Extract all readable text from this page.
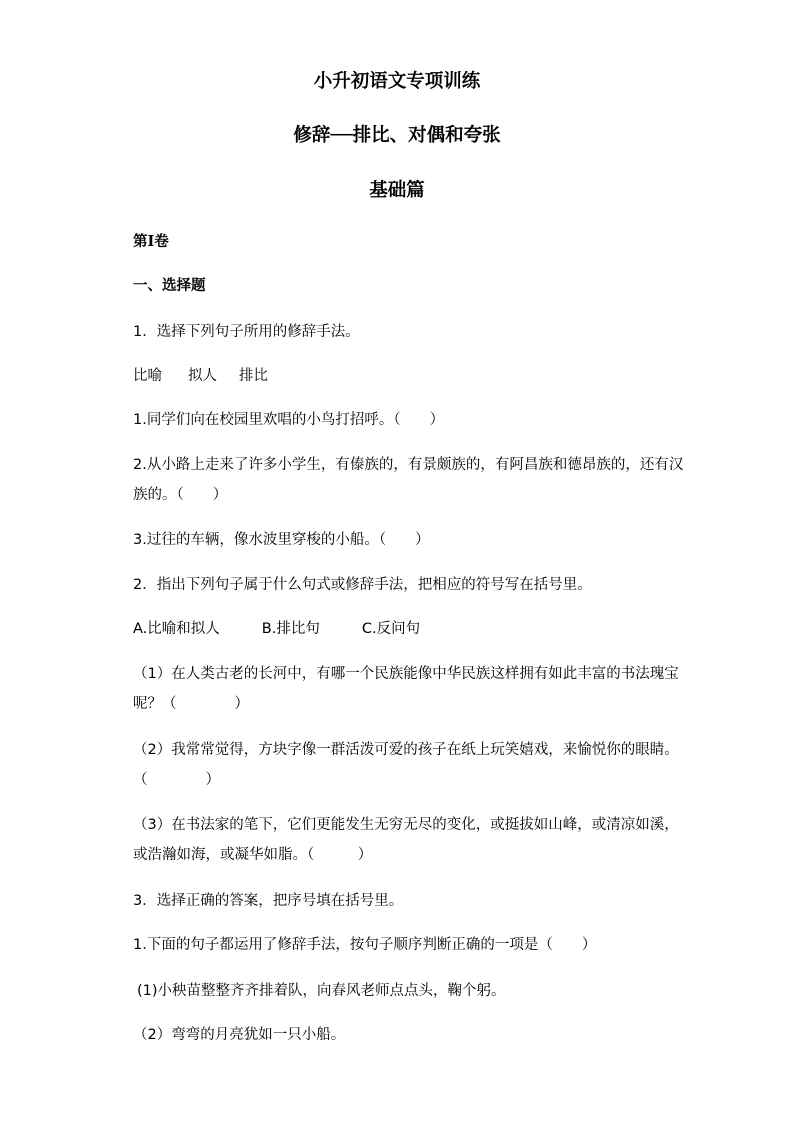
小升初语文专项训练
修辞──排比、对偶和夸张
基础篇
第Ⅰ卷
一、选择题
1．选择下列句子所用的修辞手法。
比喻 拟人 排比
1.同学们向在校园里欢唱的小鸟打招呼。（　　）
2.从小路上走来了许多小学生，有傣族的，有景颇族的，有阿昌族和德昂族的，还有汉
族的。（　　）
3.过往的车辆，像水波里穿梭的小船。（　　）
2．指出下列句子属于什么句式或修辞手法，把相应的符号写在括号里。
A.比喻和拟人	B.排比句	C.反问句
（1）在人类古老的长河中，有哪一个民族能像中华民族这样拥有如此丰富的书法瑰宝
呢？（　　　　）
（2）我常常觉得，方块字像一群活泼可爱的孩子在纸上玩笑嬉戏，来愉悦你的眼睛。
（　　　　）
（3）在书法家的笔下，它们更能发生无穷无尽的变化，或挺拔如山峰，或清凉如溪，
或浩瀚如海，或凝华如脂。（　　　）
3．选择正确的答案，把序号填在括号里。
1.下面的句子都运用了修辞手法，按句子顺序判断正确的一项是（　　）
(1)小秧苗整整齐齐排着队，向春风老师点点头，鞠个躬。
（2）弯弯的月亮犹如一只小船。
